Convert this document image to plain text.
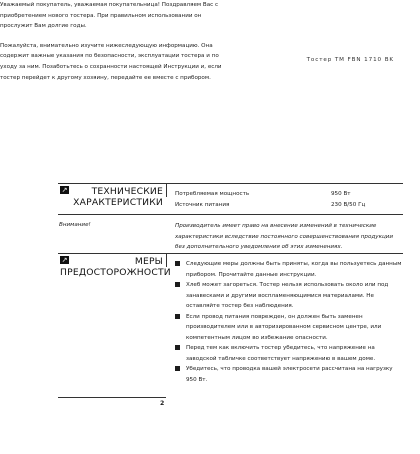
Тостер TM FBN 1710 BK

Уважаемый покупатель, уважаемая покупательница! Поздравляем Вас с приобретением нового тостера. При правильном использовании он прослужит Вам долгие годы.

Пожалуйста, внимательно изучите нижеследующую информацию. Она содержит важные указания по безопасности, эксплуатации тостера и по уходу за ним. Позаботьтесь о сохранности настоящей Инструкции и, если тостер перейдет к другому хозяину, передайте ее вместе с прибором.

↗	ТЕХНИЧЕСКИЕ
ХАРАКТЕРИСТИКИ
Потребляемая мощность	950 Вт
Источник питания	230 В/50 Гц
Внимание!	Производитель имеет право на внесение изменений в технические характеристики вследствие постоянного совершенствования продукции без дополнительного уведомления об этих изменениях.
↗	МЕРЫ
ПРЕДОСТОРОЖНОСТИ
Следующие меры должны быть приняты, когда вы пользуетесь данным прибором. Прочитайте данные инструкции.
Хлеб может загореться. Тостер нельзя использовать около или под занавесками и другими воспламеняющимися материалами. Не оставляйте тостер без наблюдения.
Если провод питания поврежден, он должен быть заменен производителем или в авторизированном сервисном центре, или компетентным лицом во избежание опасности.
Перед тем как включить тостер убедитесь, что напряжение на заводской табличке соответствует напряжению в вашем доме.
Убедитесь, что проводка вашей электросети рассчитана на нагрузку 950 Вт.
2
